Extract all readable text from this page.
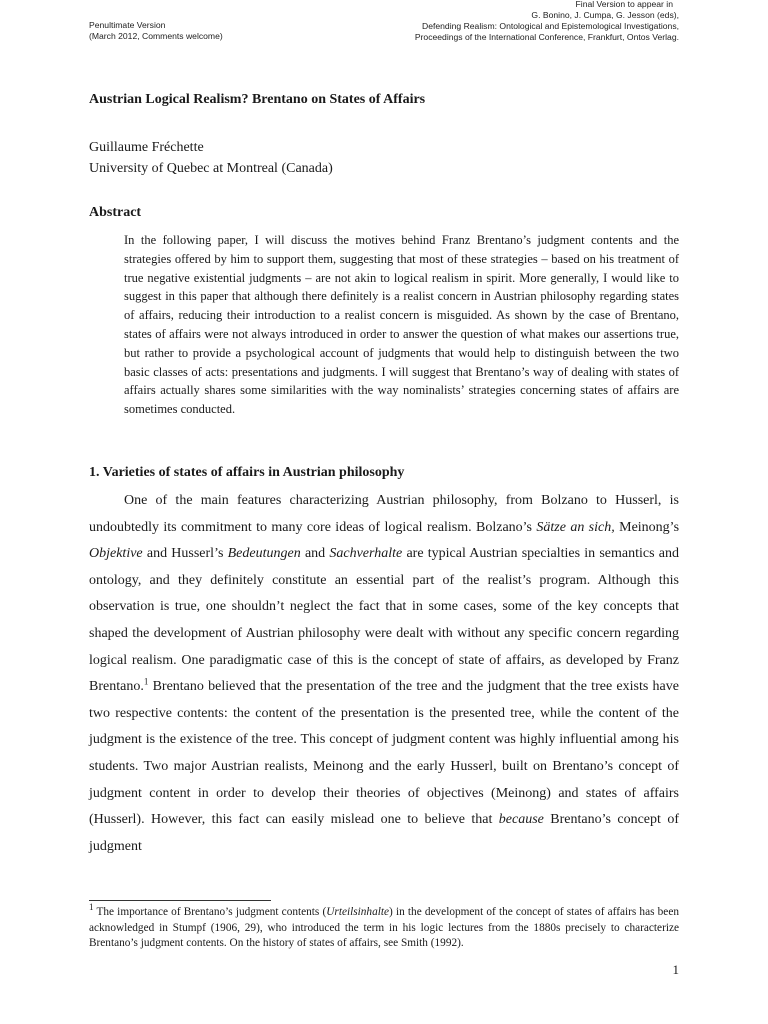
Penultimate Version
(March 2012, Comments welcome)
Final Version to appear in
G. Bonino, J. Cumpa, G. Jesson (eds),
Defending Realism: Ontological and Epistemological Investigations,
Proceedings of the International Conference, Frankfurt, Ontos Verlag.
Austrian Logical Realism? Brentano on States of Affairs
Guillaume Fréchette
University of Quebec at Montreal (Canada)
Abstract
In the following paper, I will discuss the motives behind Franz Brentano’s judgment contents and the strategies offered by him to support them, suggesting that most of these strategies – based on his treatment of true negative existential judgments – are not akin to logical realism in spirit. More generally, I would like to suggest in this paper that although there definitely is a realist concern in Austrian philosophy regarding states of affairs, reducing their introduction to a realist concern is misguided. As shown by the case of Brentano, states of affairs were not always introduced in order to answer the question of what makes our assertions true, but rather to provide a psychological account of judgments that would help to distinguish between the two basic classes of acts: presentations and judgments. I will suggest that Brentano’s way of dealing with states of affairs actually shares some similarities with the way nominalists’ strategies concerning states of affairs are sometimes conducted.
1. Varieties of states of affairs in Austrian philosophy

One of the main features characterizing Austrian philosophy, from Bolzano to Husserl, is undoubtedly its commitment to many core ideas of logical realism. Bolzano’s Sätze an sich, Meinong’s Objektive and Husserl’s Bedeutungen and Sachverhalte are typical Austrian specialties in semantics and ontology, and they definitely constitute an essential part of the realist’s program. Although this observation is true, one shouldn’t neglect the fact that in some cases, some of the key concepts that shaped the development of Austrian philosophy were dealt with without any specific concern regarding logical realism. One paradigmatic case of this is the concept of state of affairs, as developed by Franz Brentano.$^1$ Brentano believed that the presentation of the tree and the judgment that the tree exists have two respective contents: the content of the presentation is the presented tree, while the content of the judgment is the existence of the tree. This concept of judgment content was highly influential among his students. Two major Austrian realists, Meinong and the early Husserl, built on Brentano’s concept of judgment content in order to develop their theories of objectives (Meinong) and states of affairs (Husserl). However, this fact can easily mislead one to believe that because Brentano’s concept of judgment

$^1$ The importance of Brentano’s judgment contents (Urteilsinhalte) in the development of the concept of states of affairs has been acknowledged in Stumpf (1906, 29), who introduced the term in his logic lectures from the 1880s precisely to characterize Brentano’s judgment contents. On the history of states of affairs, see Smith (1992).
1
